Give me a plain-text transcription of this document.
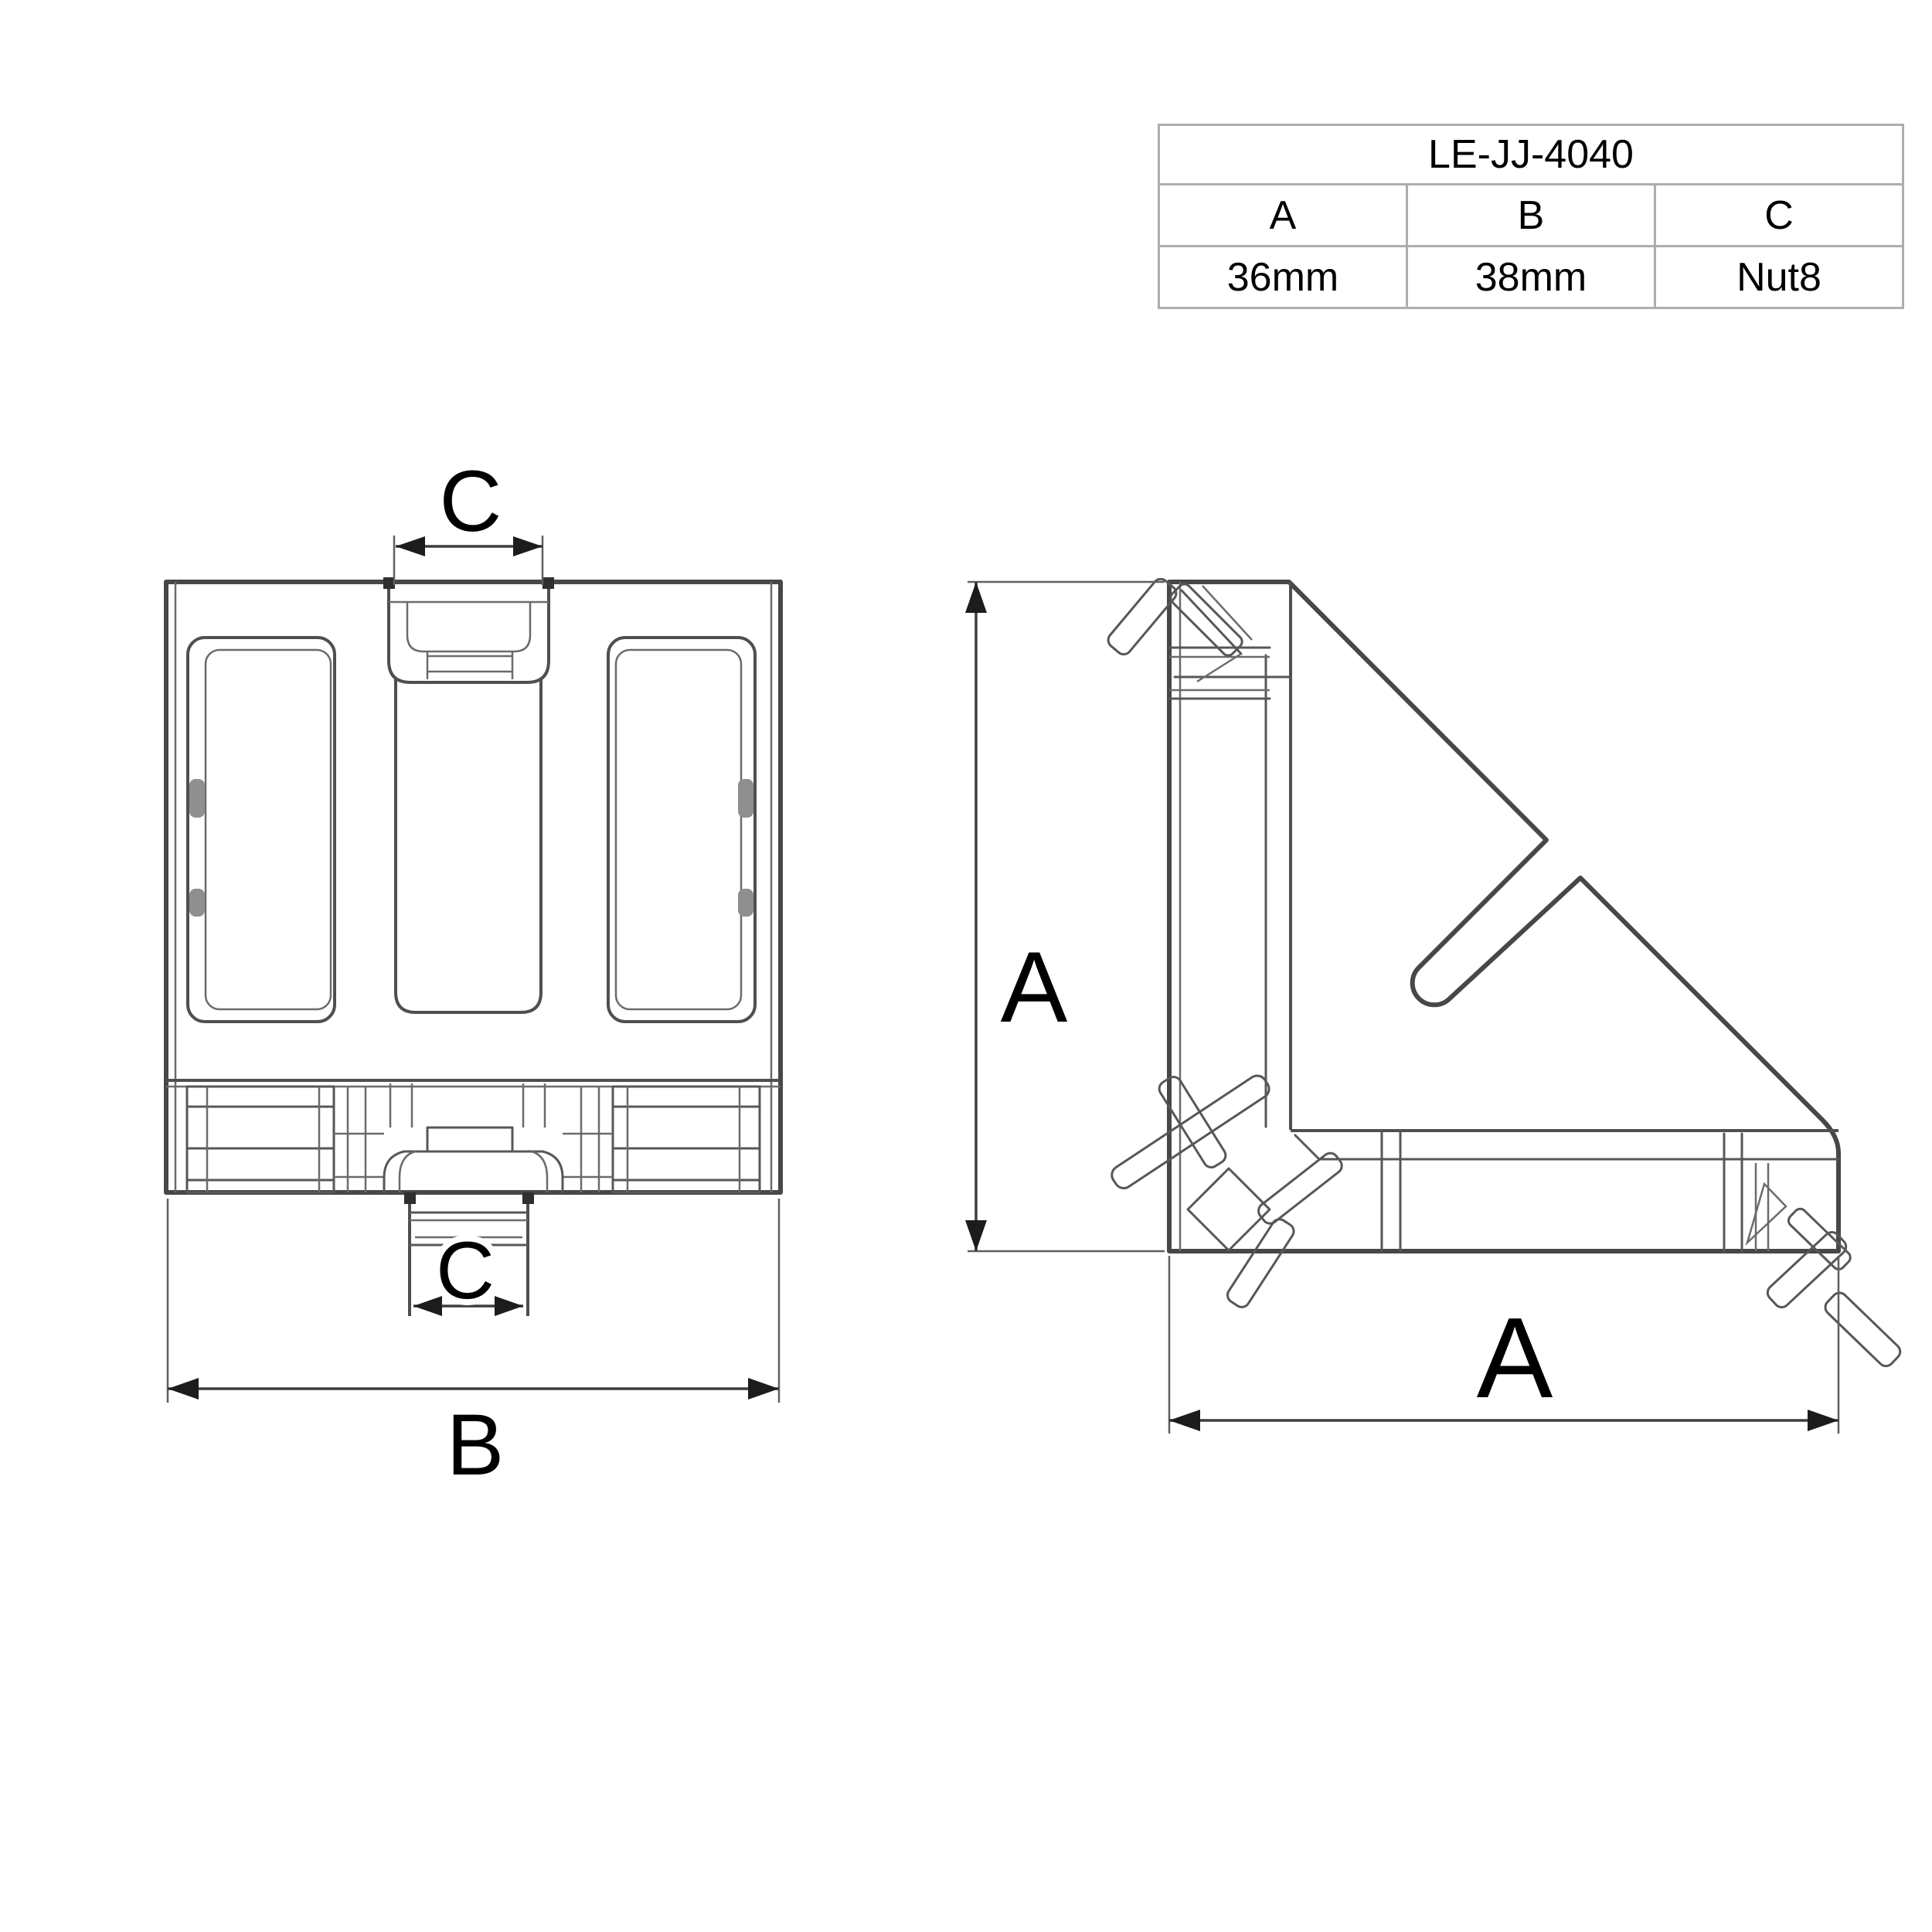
LE-JJ-4040
A	B	C
36mm	38mm	Nut8
C
C
B
A
A
